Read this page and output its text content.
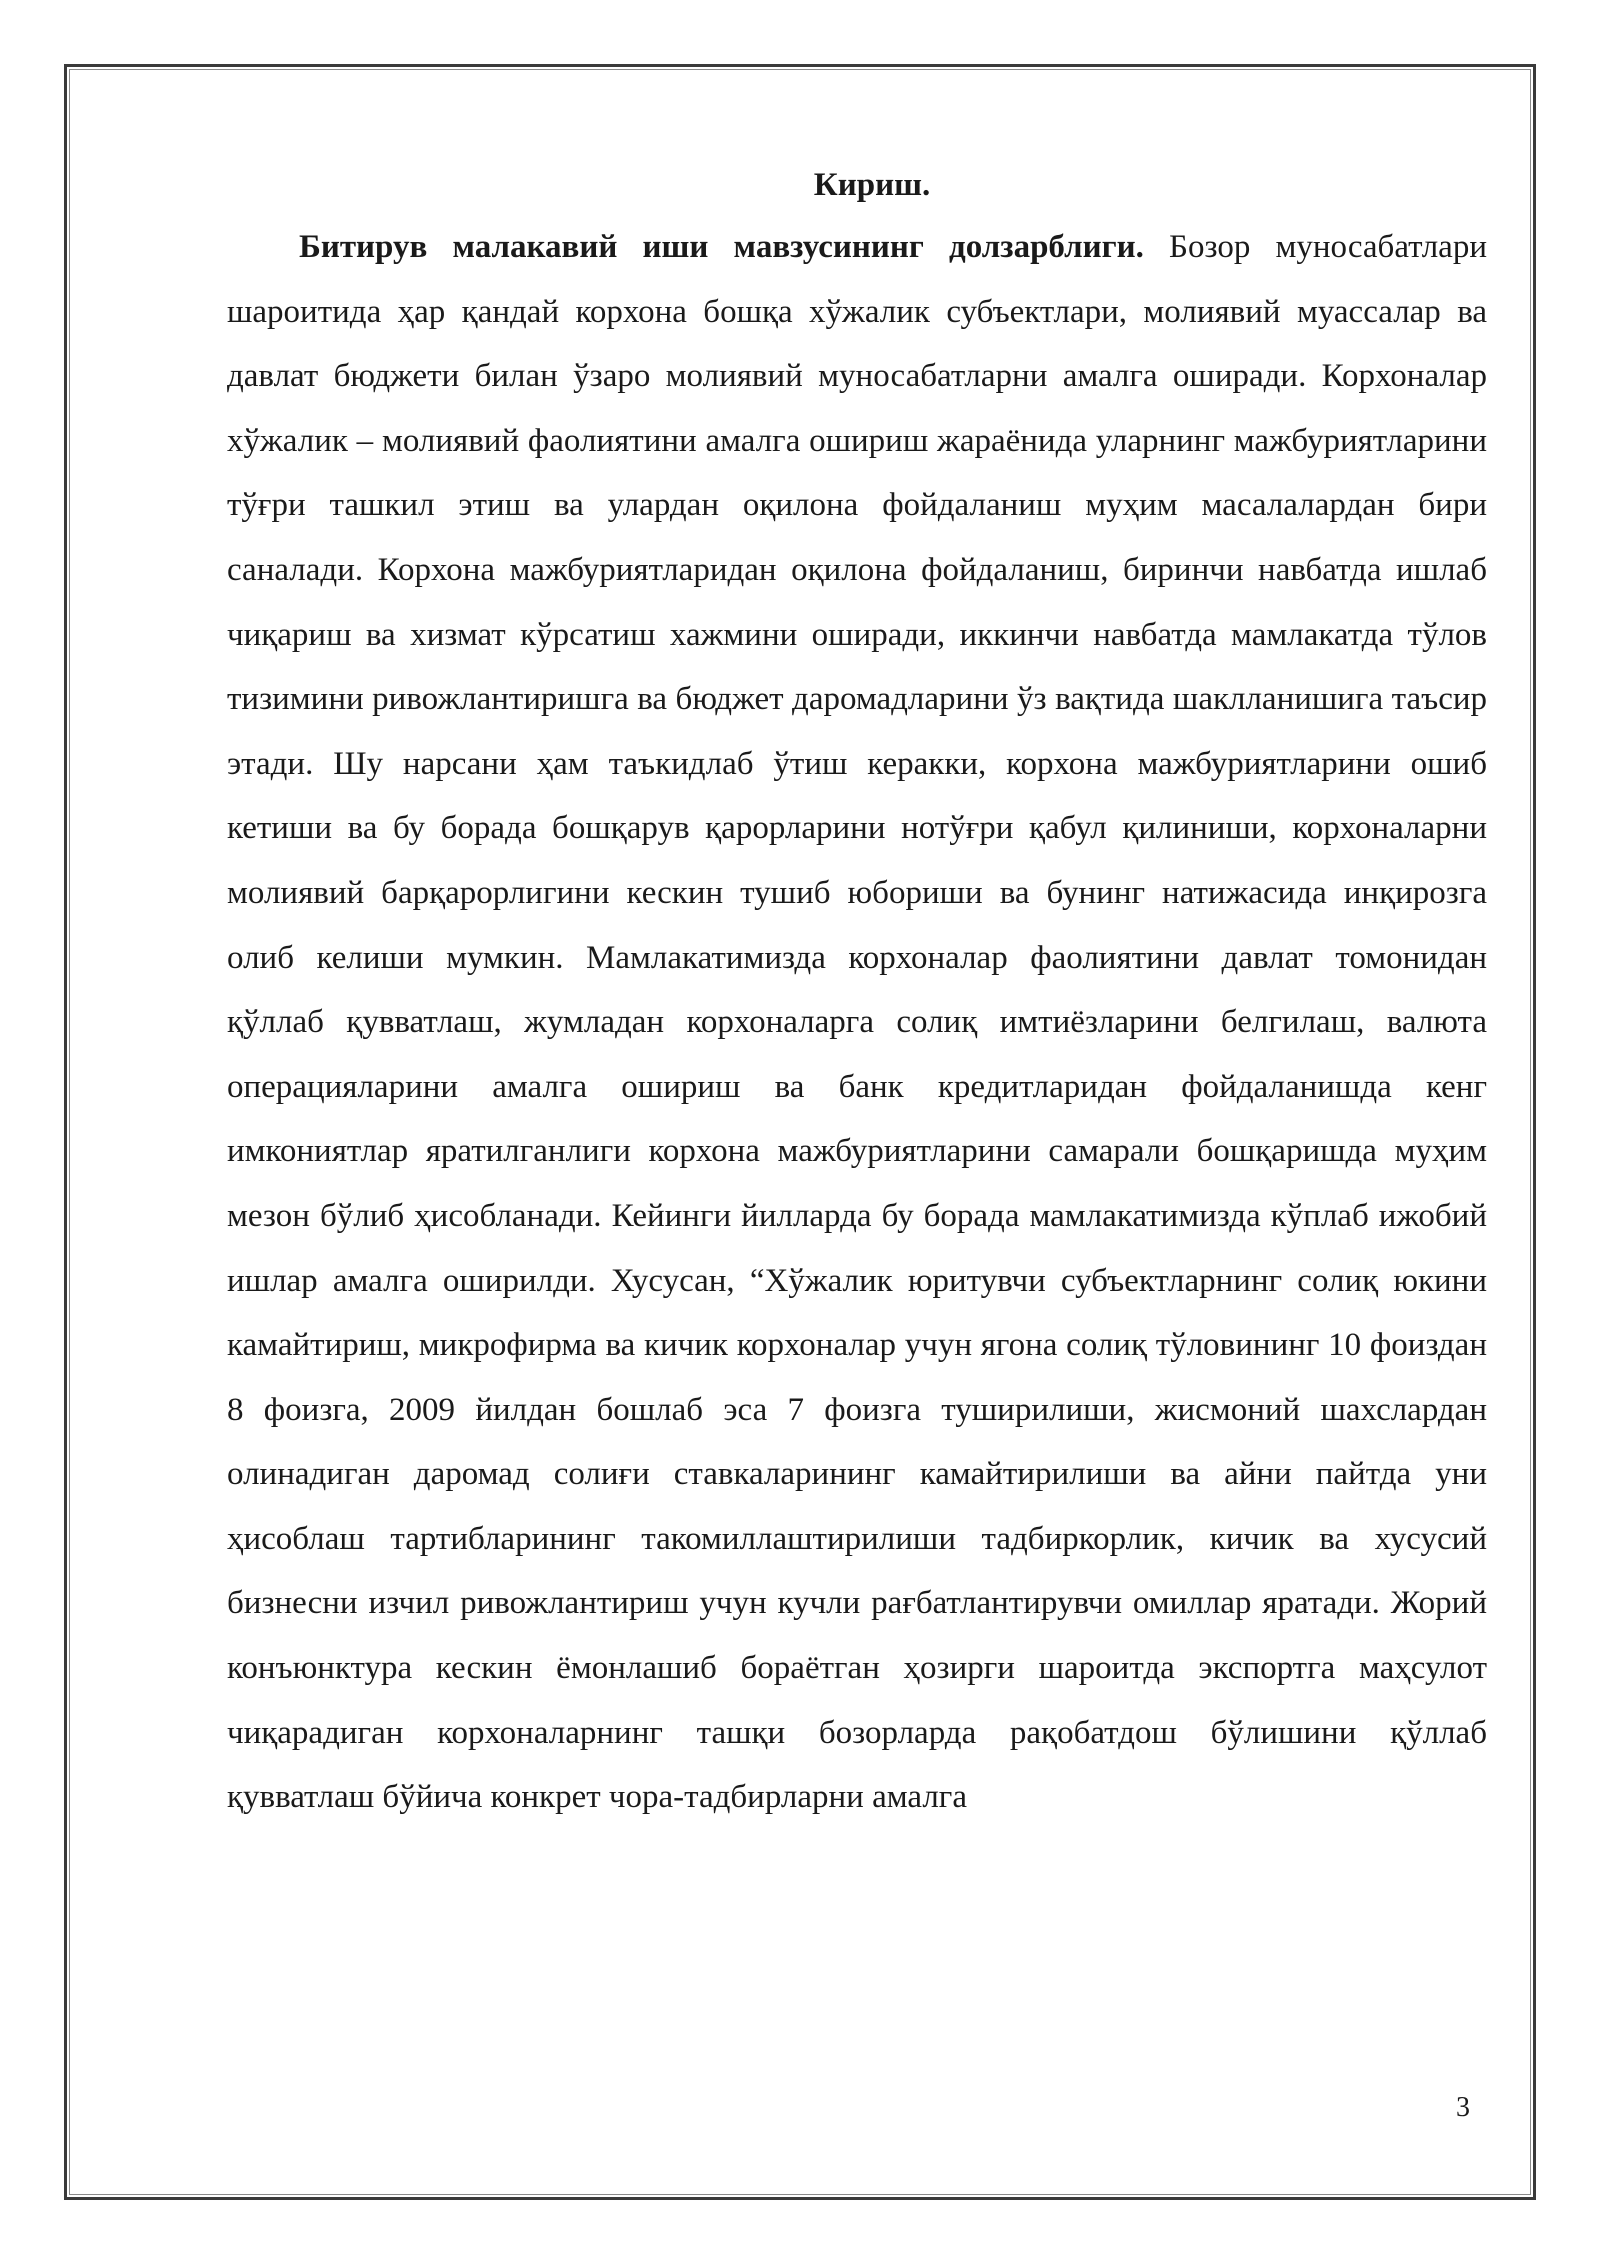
Кириш.

Битирув малакавий иши мавзусининг долзарблиги. Бозор муносабатлари шароитида ҳар қандай корхона бошқа хўжалик субъектлари, молиявий муассалар ва давлат бюджети билан ўзаро молиявий муносабатларни амалга оширади. Корхоналар хўжалик – молиявий фаолиятини амалга ошириш жараёнида уларнинг мажбуриятларини тўғри ташкил этиш ва улардан оқилона фойдаланиш муҳим масалалардан бири саналади. Корхона мажбуриятларидан оқилона фойдаланиш, биринчи навбатда ишлаб чиқариш ва хизмат кўрсатиш хажмини оширади, иккинчи навбатда мамлакатда тўлов тизимини ривожлантиришга ва бюджет даромадларини ўз вақтида шаклланишига таъсир этади. Шу нарсани ҳам таъкидлаб ўтиш керакки, корхона мажбуриятларини ошиб кетиши ва бу борада бошқарув қарорларини нотўғри қабул қилиниши, корхоналарни молиявий барқарорлигини кескин тушиб юбориши ва бунинг натижасида инқирозга олиб келиши мумкин. Мамлакатимизда корхоналар фаолиятини давлат томонидан қўллаб қувватлаш, жумладан корхоналарга солиқ имтиёзларини белгилаш, валюта операцияларини амалга ошириш ва банк кредитларидан фойдаланишда кенг имкониятлар яратилганлиги корхона мажбуриятларини самарали бошқаришда муҳим мезон бўлиб ҳисобланади. Кейинги йилларда бу борада мамлакатимизда кўплаб ижобий ишлар амалга оширилди. Хусусан, “Хўжалик юритувчи субъектларнинг солиқ юкини камайтириш, микрофирма ва кичик корхоналар учун ягона солиқ тўловининг 10 фоиздан 8 фоизга, 2009 йилдан бошлаб эса 7 фоизга туширилиши, жисмоний шахслардан олинадиган даромад солиғи ставкаларининг камайтирилиши ва айни пайтда уни ҳисоблаш тартибларининг такомиллаштирилиши тадбиркорлик, кичик ва хусусий бизнесни изчил ривожлантириш учун кучли рағбатлантирувчи омиллар яратади. Жорий конъюнктура кескин ёмонлашиб бораётган ҳозирги шароитда экспортга маҳсулот чиқарадиган корхоналарнинг ташқи бозорларда рақобатдош бўлишини қўллаб қувватлаш бўйича конкрет чора-тадбирларни амалга

3
